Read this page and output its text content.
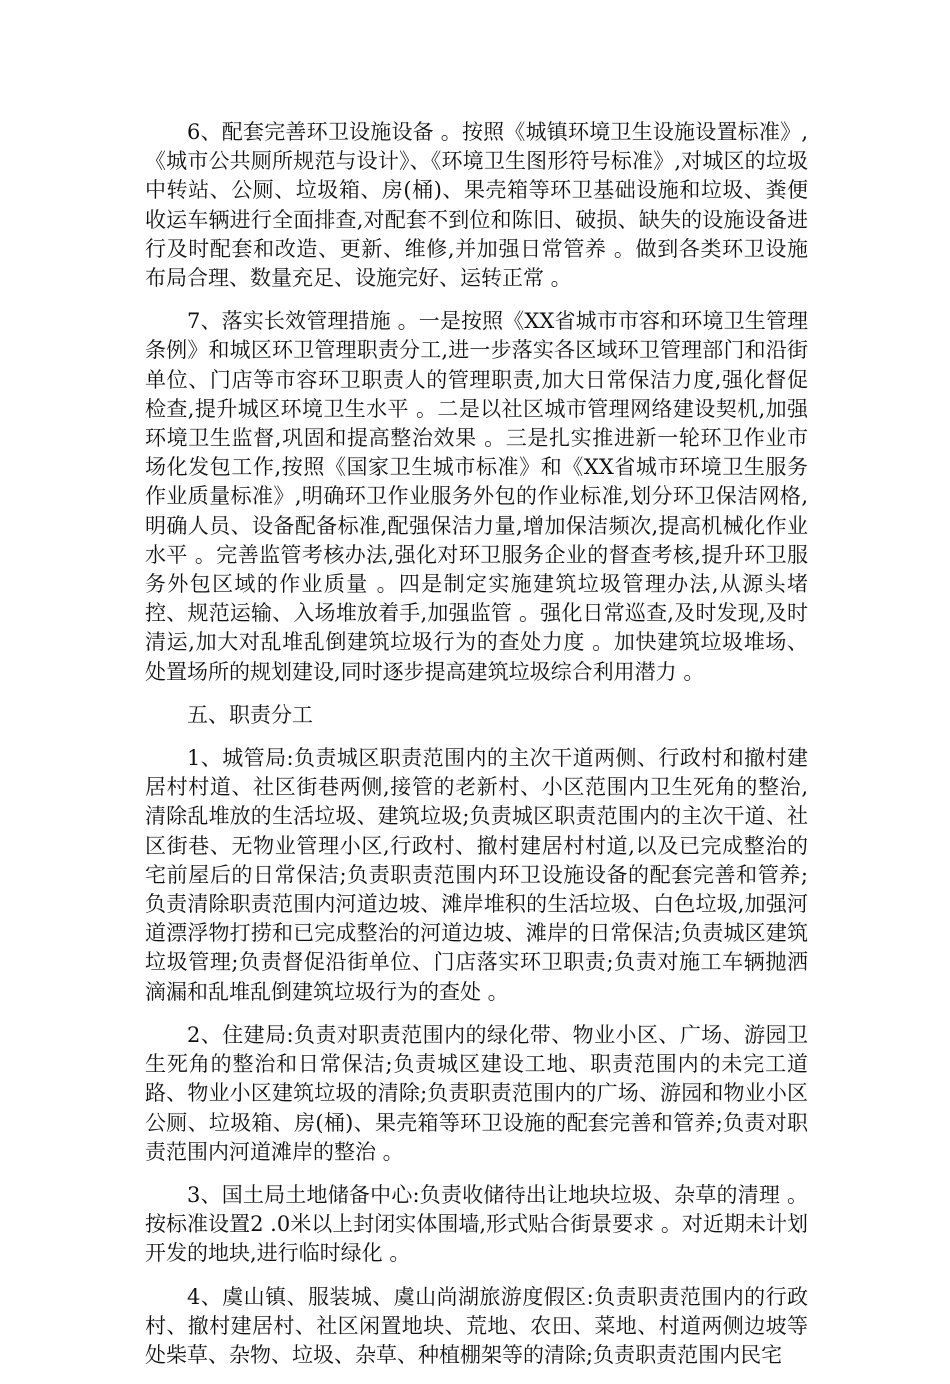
6、配套完善环卫设施设备 。按照《城镇环境卫生设施设置标准》,《城市公共厕所规范与设计》、《环境卫生图形符号标准》,对城区的垃圾中转站、公厕、垃圾箱、房(桶)、果壳箱等环卫基础设施和垃圾、粪便收运车辆进行全面排查,对配套不到位和陈旧、破损、缺失的设施设备进行及时配套和改造、更新、维修,并加强日常管养 。做到各类环卫设施布局合理、数量充足、设施完好、运转正常 。

7、落实长效管理措施 。一是按照《XX省城市市容和环境卫生管理条例》和城区环卫管理职责分工,进一步落实各区域环卫管理部门和沿街单位、门店等市容环卫职责人的管理职责,加大日常保洁力度,强化督促检查,提升城区环境卫生水平 。二是以社区城市管理网络建设契机,加强环境卫生监督,巩固和提高整治效果 。三是扎实推进新一轮环卫作业市场化发包工作,按照《国家卫生城市标准》和《XX省城市环境卫生服务作业质量标准》,明确环卫作业服务外包的作业标准,划分环卫保洁网格,明确人员、设备配备标准,配强保洁力量,增加保洁频次,提高机械化作业水平 。完善监管考核办法,强化对环卫服务企业的督查考核,提升环卫服务外包区域的作业质量 。四是制定实施建筑垃圾管理办法,从源头堵控、规范运输、入场堆放着手,加强监管 。强化日常巡查,及时发现,及时清运,加大对乱堆乱倒建筑垃圾行为的查处力度 。加快建筑垃圾堆场、处置场所的规划建设,同时逐步提高建筑垃圾综合利用潜力 。

五、职责分工

1、城管局:负责城区职责范围内的主次干道两侧、行政村和撤村建居村村道、社区街巷两侧,接管的老新村、小区范围内卫生死角的整治,清除乱堆放的生活垃圾、建筑垃圾;负责城区职责范围内的主次干道、社区街巷、无物业管理小区,行政村、撤村建居村村道,以及已完成整治的宅前屋后的日常保洁;负责职责范围内环卫设施设备的配套完善和管养;负责清除职责范围内河道边坡、滩岸堆积的生活垃圾、白色垃圾,加强河道漂浮物打捞和已完成整治的河道边坡、滩岸的日常保洁;负责城区建筑垃圾管理;负责督促沿街单位、门店落实环卫职责;负责对施工车辆抛洒滴漏和乱堆乱倒建筑垃圾行为的查处 。

2、住建局:负责对职责范围内的绿化带、物业小区、广场、游园卫生死角的整治和日常保洁;负责城区建设工地、职责范围内的未完工道路、物业小区建筑垃圾的清除;负责职责范围内的广场、游园和物业小区公厕、垃圾箱、房(桶)、果壳箱等环卫设施的配套完善和管养;负责对职责范围内河道滩岸的整治 。

3、国土局土地储备中心:负责收储待出让地块垃圾、杂草的清理 。按标准设置2 .0米以上封闭实体围墙,形式贴合街景要求 。对近期未计划开发的地块,进行临时绿化 。

4、虞山镇、服装城、虞山尚湖旅游度假区:负责职责范围内的行政村、撤村建居村、社区闲置地块、荒地、农田、菜地、村道两侧边坡等处柴草、杂物、垃圾、杂草、种植棚架等的清除;负责职责范围内民宅
